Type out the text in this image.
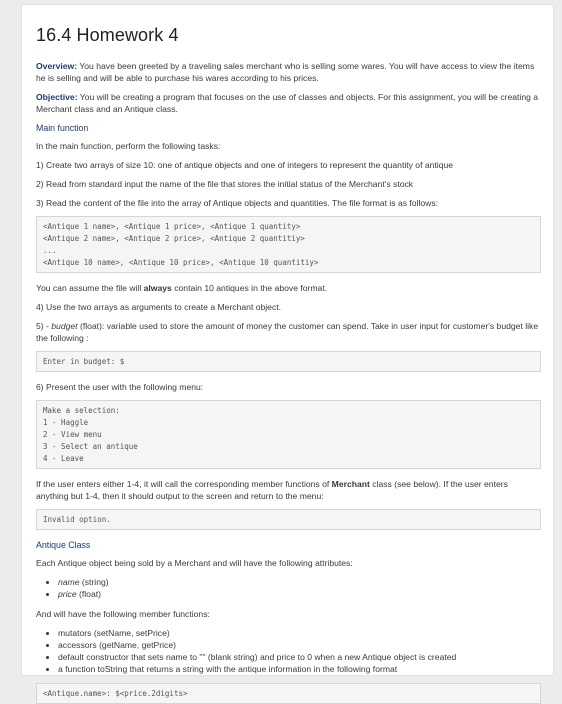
16.4 Homework 4

Overview: You have been greeted by a traveling sales merchant who is selling some wares. You will have access to view the items he is selling and will be able to purchase his wares according to his prices.

Objective: You will be creating a program that focuses on the use of classes and objects. For this assignment, you will be creating a Merchant class and an Antique class.

Main function

In the main function, perform the following tasks:

1) Create two arrays of size 10: one of antique objects and one of integers to represent the quantity of antique

2) Read from standard input the name of the file that stores the initial status of the Merchant's stock

3) Read the content of the file into the array of Antique objects and quantities. The file format is as follows:

<Antique 1 name>, <Antique 1 price>, <Antique 1 quantity>
<Antique 2 name>, <Antique 2 price>, <Antique 2 quantitiy>
...
<Antique 10 name>, <Antique 10 price>, <Antique 10 quantitiy>

You can assume the file will always contain 10 antiques in the above format.

4) Use the two arrays as arguments to create a Merchant object.

5) - budget (float): variable used to store the amount of money the customer can spend. Take in user input for customer's budget like the following :

Enter in budget: $

6) Present the user with the following menu:

Make a selection:
1 - Haggle
2 - View menu
3 - Select an antique
4 - Leave

If the user enters either 1-4, it will call the corresponding member functions of Merchant class (see below). If the user enters anything but 1-4, then it should output to the screen and return to the menu:

Invalid option.

Antique Class

Each Antique object being sold by a Merchant and will have the following attributes:

• name (string)
• price (float)

And will have the following member functions:

• mutators (setName, setPrice)
• accessors (getName, getPrice)
• default constructor that sets name to "" (blank string) and price to 0 when a new Antique object is created
• a function toString that returns a string with the antique information in the following format
<Antique.name>: $<price.2digits>
